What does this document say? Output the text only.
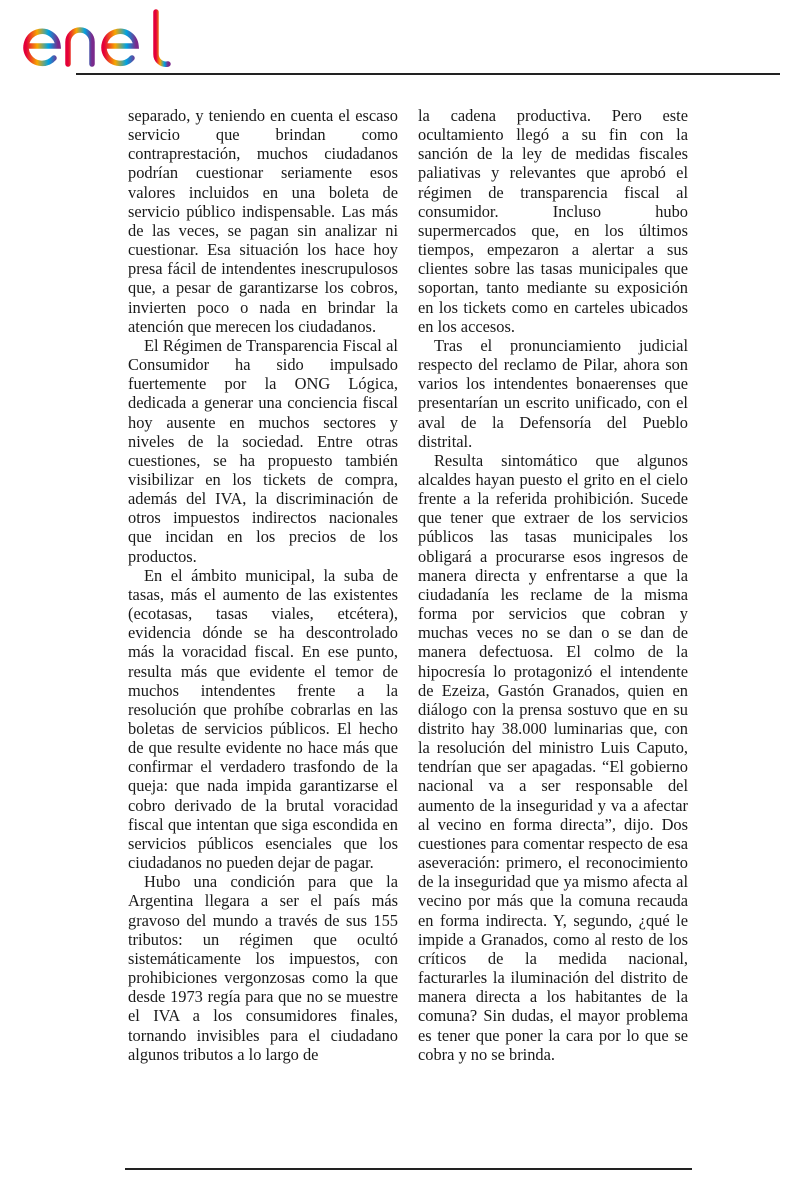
separado, y teniendo en cuenta el escaso servicio que brindan como contraprestación, muchos ciudadanos podrían cuestionar seriamente esos valores incluidos en una boleta de servicio público indispensable. Las más de las veces, se pagan sin analizar ni cuestionar. Esa situación los hace hoy presa fácil de intendentes inescrupulosos que, a pesar de garantizarse los cobros, invierten poco o nada en brindar la atención que merecen los ciudadanos.

El Régimen de Transparencia Fiscal al Consumidor ha sido impulsado fuertemente por la ONG Lógica, dedicada a generar una conciencia fiscal hoy ausente en muchos sectores y niveles de la sociedad. Entre otras cuestiones, se ha propuesto también visibilizar en los tickets de compra, además del IVA, la discriminación de otros impuestos indirectos nacionales que incidan en los precios de los productos.

En el ámbito municipal, la suba de tasas, más el aumento de las existentes (ecotasas, tasas viales, etcétera), evidencia dónde se ha descontrolado más la voracidad fiscal. En ese punto, resulta más que evidente el temor de muchos intendentes frente a la resolución que prohíbe cobrarlas en las boletas de servicios públicos. El hecho de que resulte evidente no hace más que confirmar el verdadero trasfondo de la queja: que nada impida garantizarse el cobro derivado de la brutal voracidad fiscal que intentan que siga escondida en servicios públicos esenciales que los ciudadanos no pueden dejar de pagar.

Hubo una condición para que la Argentina llegara a ser el país más gravoso del mundo a través de sus 155 tributos: un régimen que ocultó sistemáticamente los impuestos, con prohibiciones vergonzosas como la que desde 1973 regía para que no se muestre el IVA a los consumidores finales, tornando invisibles para el ciudadano algunos tributos a lo largo de

la cadena productiva. Pero este ocultamiento llegó a su fin con la sanción de la ley de medidas fiscales paliativas y relevantes que aprobó el régimen de transparencia fiscal al consumidor. Incluso hubo supermercados que, en los últimos tiempos, empezaron a alertar a sus clientes sobre las tasas municipales que soportan, tanto mediante su exposición en los tickets como en carteles ubicados en los accesos.

Tras el pronunciamiento judicial respecto del reclamo de Pilar, ahora son varios los intendentes bonaerenses que presentarían un escrito unificado, con el aval de la Defensoría del Pueblo distrital.

Resulta sintomático que algunos alcaldes hayan puesto el grito en el cielo frente a la referida prohibición. Sucede que tener que extraer de los servicios públicos las tasas municipales los obligará a procurarse esos ingresos de manera directa y enfrentarse a que la ciudadanía les reclame de la misma forma por servicios que cobran y muchas veces no se dan o se dan de manera defectuosa. El colmo de la hipocresía lo protagonizó el intendente de Ezeiza, Gastón Granados, quien en diálogo con la prensa sostuvo que en su distrito hay 38.000 luminarias que, con la resolución del ministro Luis Caputo, tendrían que ser apagadas. “El gobierno nacional va a ser responsable del aumento de la inseguridad y va a afectar al vecino en forma directa”, dijo. Dos cuestiones para comentar respecto de esa aseveración: primero, el reconocimiento de la inseguridad que ya mismo afecta al vecino por más que la comuna recauda en forma indirecta. Y, segundo, ¿qué le impide a Granados, como al resto de los críticos de la medida nacional, facturarles la iluminación del distrito de manera directa a los habitantes de la comuna? Sin dudas, el mayor problema es tener que poner la cara por lo que se cobra y no se brinda.
